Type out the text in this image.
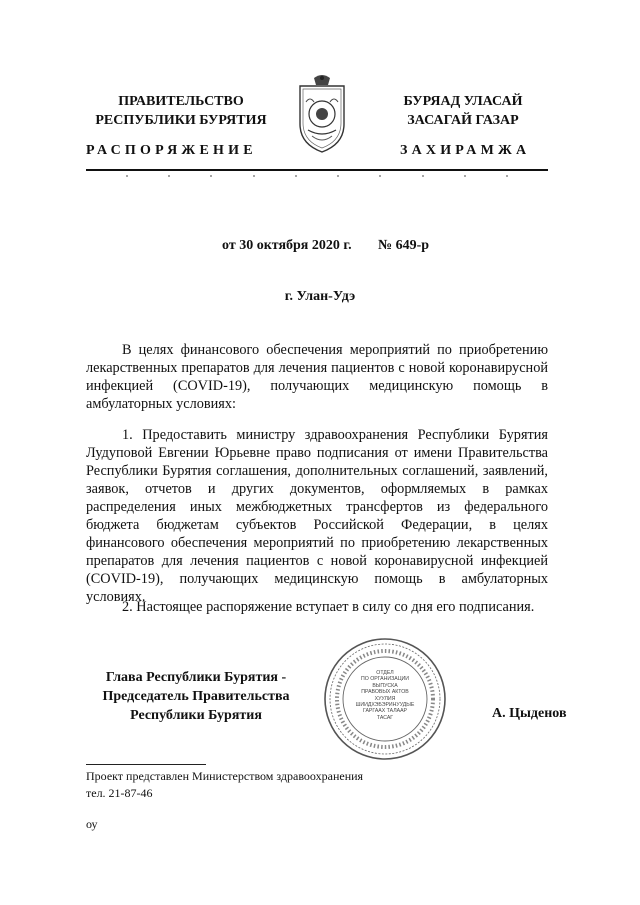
ПРАВИТЕЛЬСТВО
РЕСПУБЛИКИ БУРЯТИЯ
БУРЯАД УЛАСАЙ
ЗАСАГАЙ ГАЗАР
РАСПОРЯЖЕНИЕ	ЗАХИРАМЖА
от 30 октября 2020 г. № 649-р
г. Улан-Удэ
В целях финансового обеспечения мероприятий по приобретению лекарственных препаратов для лечения пациентов с новой коронавирусной инфекцией (COVID-19), получающих медицинскую помощь в амбулаторных условиях:
1. Предоставить министру здравоохранения Республики Бурятия Лудуповой Евгении Юрьевне право подписания от имени Правительства Республики Бурятия соглашения, дополнительных соглашений, заявлений, заявок, отчетов и других документов, оформляемых в рамках распределения иных межбюджетных трансфертов из федерального бюджета бюджетам субъектов Российской Федерации, в целях финансового обеспечения мероприятий по приобретению лекарственных препаратов для лечения пациентов с новой коронавирусной инфекцией (COVID-19), получающих медицинскую помощь в амбулаторных условиях.
2. Настоящее распоряжение вступает в силу со дня его подписания.
Глава Республики Бурятия -
Председатель Правительства
Республики Бурятия	А. Цыденов
ОТДЕЛ
ПО ОРГАНИЗАЦИИ
ВЫПУСКА
ПРАВОВЫХ АКТОВ
ХУУЛИЯ
ШИИДХЭБЭРИНУУДЫЕ
ГАРГААХ ТАЛААР
ТАСАГ
Проект представлен Министерством здравоохранения
тел. 21-87-46
оу
